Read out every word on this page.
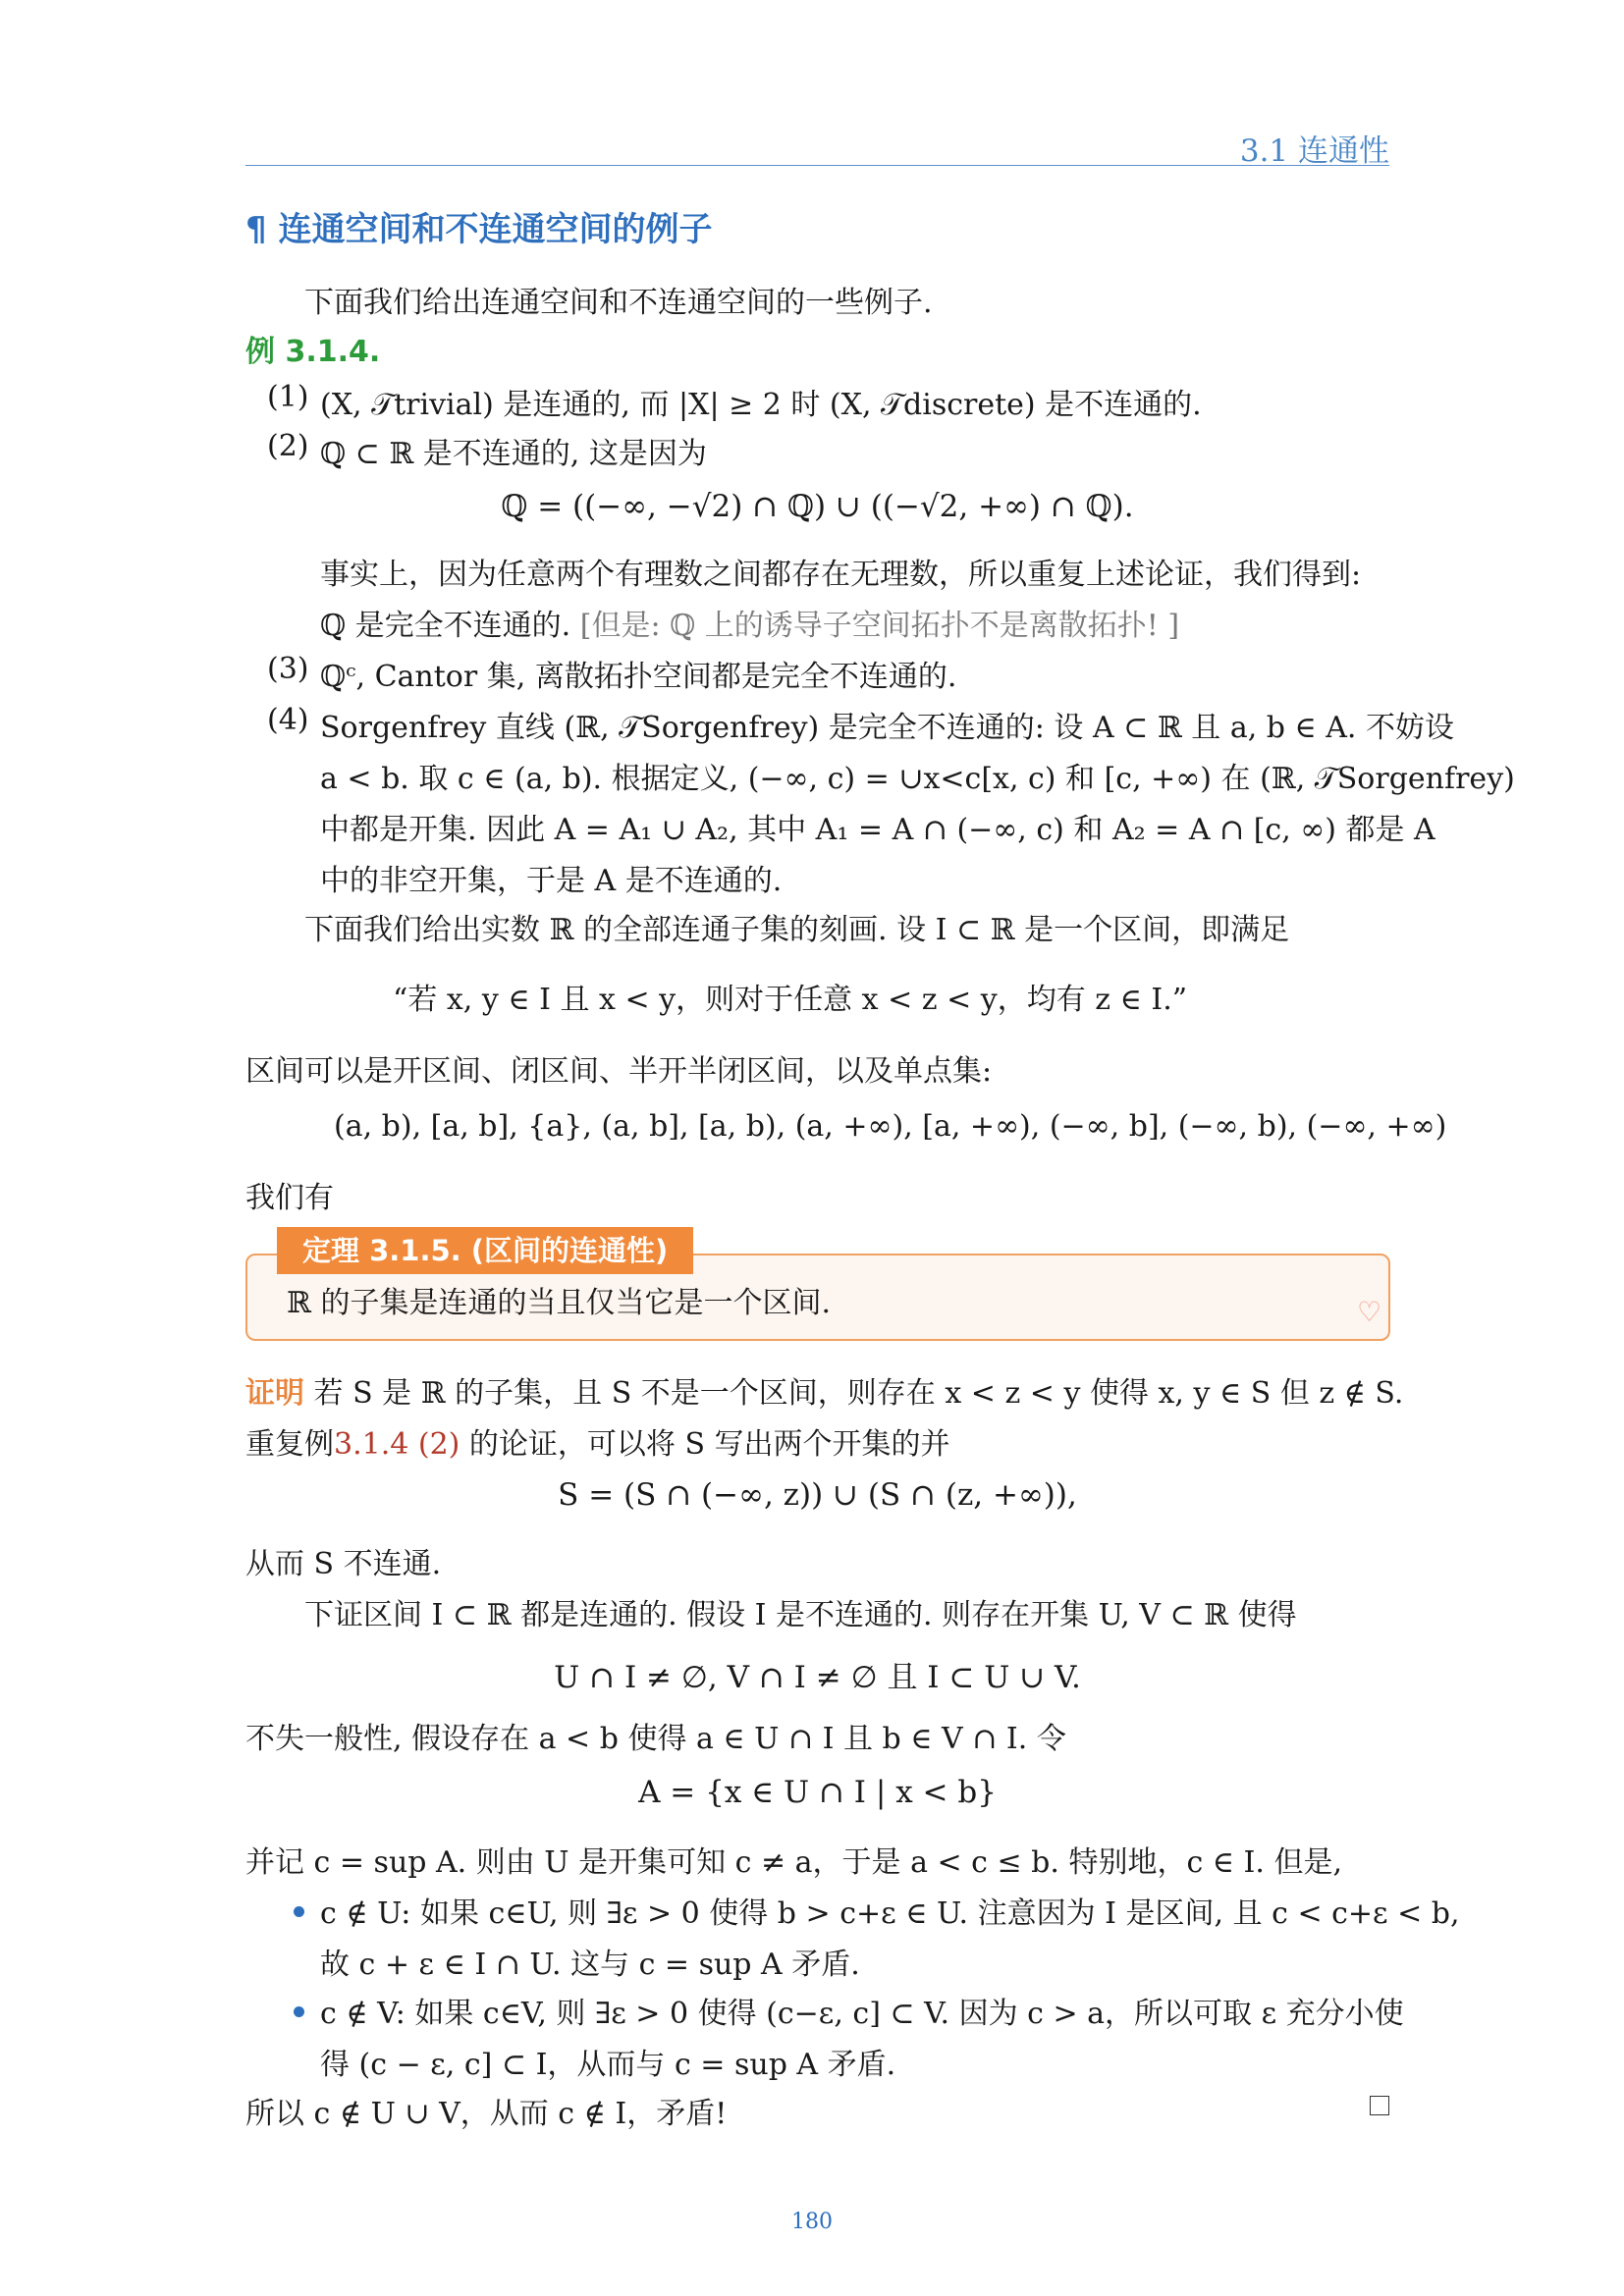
3.1 连通性
¶ 连通空间和不连通空间的例子
下面我们给出连通空间和不连通空间的一些例子.
例 3.1.4.
(1) (X, 𝒯trivial) 是连通的, 而 |X| ≥ 2 时 (X, 𝒯discrete) 是不连通的.
(2) ℚ ⊂ ℝ 是不连通的, 这是因为
ℚ = ((−∞, −√2) ∩ ℚ) ∪ ((−√2, +∞) ∩ ℚ).
事实上，因为任意两个有理数之间都存在无理数，所以重复上述论证，我们得到:
ℚ 是完全不连通的. [但是: ℚ 上的诱导子空间拓扑不是离散拓扑! ]
(3) ℚᶜ, Cantor 集, 离散拓扑空间都是完全不连通的.
(4) Sorgenfrey 直线 (ℝ, 𝒯Sorgenfrey) 是完全不连通的: 设 A ⊂ ℝ 且 a, b ∈ A. 不妨设
a < b. 取 c ∈ (a, b). 根据定义, (−∞, c) = ∪x<c[x, c) 和 [c, +∞) 在 (ℝ, 𝒯Sorgenfrey)
中都是开集. 因此 A = A₁ ∪ A₂, 其中 A₁ = A ∩ (−∞, c) 和 A₂ = A ∩ [c, ∞) 都是 A
中的非空开集，于是 A 是不连通的.
下面我们给出实数 ℝ 的全部连通子集的刻画. 设 I ⊂ ℝ 是一个区间，即满足
“若 x, y ∈ I 且 x < y，则对于任意 x < z < y，均有 z ∈ I.”
区间可以是开区间、闭区间、半开半闭区间，以及单点集:
(a, b), [a, b], {a}, (a, b], [a, b), (a, +∞), [a, +∞), (−∞, b], (−∞, b), (−∞, +∞)
我们有
定理 3.1.5. (区间的连通性)
ℝ 的子集是连通的当且仅当它是一个区间.	♡
证明 若 S 是 ℝ 的子集，且 S 不是一个区间，则存在 x < z < y 使得 x, y ∈ S 但 z ∉ S.
重复例3.1.4 (2) 的论证，可以将 S 写出两个开集的并
S = (S ∩ (−∞, z)) ∪ (S ∩ (z, +∞)),
从而 S 不连通.
下证区间 I ⊂ ℝ 都是连通的. 假设 I 是不连通的. 则存在开集 U, V ⊂ ℝ 使得
U ∩ I ≠ ∅, V ∩ I ≠ ∅ 且 I ⊂ U ∪ V.
不失一般性, 假设存在 a < b 使得 a ∈ U ∩ I 且 b ∈ V ∩ I. 令
A = {x ∈ U ∩ I | x < b}
并记 c = sup A. 则由 U 是开集可知 c ≠ a，于是 a < c ≤ b. 特别地，c ∈ I. 但是,
c ∉ U: 如果 c∈U, 则 ∃ε > 0 使得 b > c+ε ∈ U. 注意因为 I 是区间, 且 c < c+ε < b,
故 c + ε ∈ I ∩ U. 这与 c = sup A 矛盾.
c ∉ V: 如果 c∈V, 则 ∃ε > 0 使得 (c−ε, c] ⊂ V. 因为 c > a，所以可取 ε 充分小使
得 (c − ε, c] ⊂ I，从而与 c = sup A 矛盾.
所以 c ∉ U ∪ V，从而 c ∉ I，矛盾!
180
